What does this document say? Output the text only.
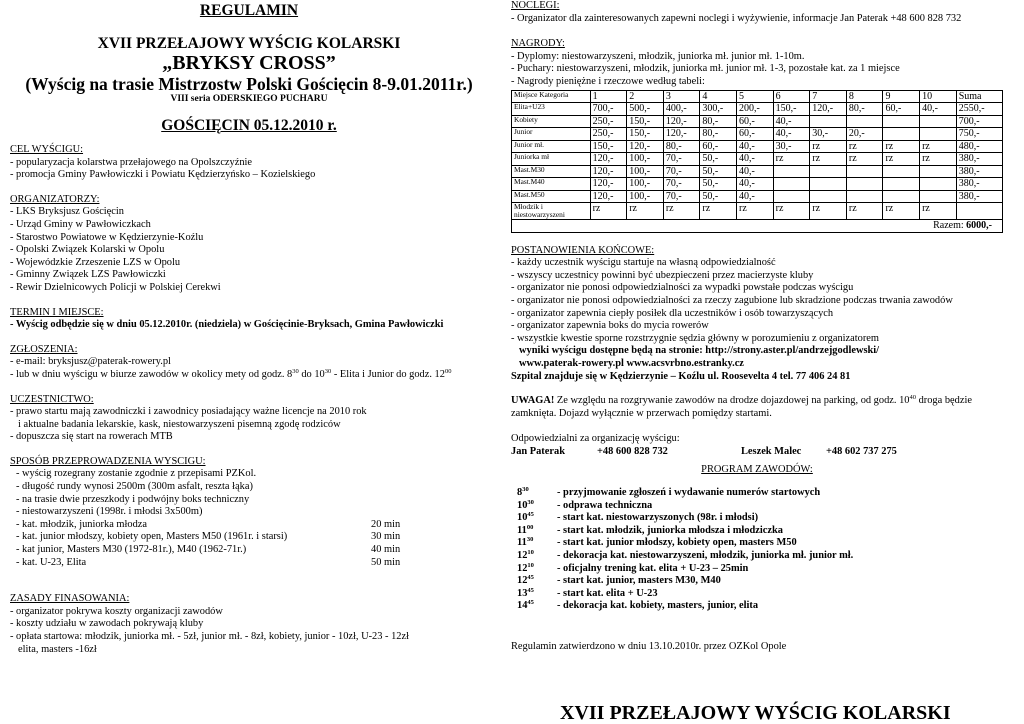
REGULAMIN
XVII PRZEŁAJOWY WYŚCIG KOLARSKI
„BRYKSY CROSS”
(Wyścig na trasie Mistrzostw Polski Gościęcin 8-9.01.2011r.)
VIII seria ODERSKIEGO PUCHARU
GOŚCIĘCIN 05.12.2010 r.
CEL WYŚCIGU:
- popularyzacja kolarstwa przełajowego na Opolszczyźnie
- promocja Gminy Pawłowiczki i Powiatu Kędzierzyńsko – Kozielskiego
ORGANIZATORZY:
- LKS Bryksjusz Gościęcin
- Urząd Gminy w Pawłowiczkach
- Starostwo Powiatowe w Kędzierzynie-Koźlu
- Opolski Związek Kolarski w Opolu
- Wojewódzkie Zrzeszenie LZS w Opolu
- Gminny Związek LZS Pawłowiczki
- Rewir Dzielnicowych Policji w Polskiej Cerekwi
TERMIN I MIEJSCE:
- Wyścig odbędzie się w dniu 05.12.2010r. (niedziela) w Gościęcinie-Bryksach, Gmina Pawłowiczki
ZGŁOSZENIA:
- e-mail: bryksjusz@paterak-rowery.pl
- lub w dniu wyścigu w biurze zawodów w okolicy mety od godz. $8^{30}$ do $10^{30}$ - Elita i Junior do godz. $12^{00}$
UCZESTNICTWO:
- prawo startu mają zawodniczki i zawodnicy posiadający ważne licencje na 2010 rok
i aktualne badania lekarskie, kask, niestowarzyszeni pisemną zgodę rodziców
- dopuszcza się start na rowerach MTB
SPOSÓB PRZEPROWADZENIA WYSCIGU:
- wyścig rozegrany zostanie zgodnie z przepisami PZKol.
- długość rundy wynosi 2500m (300m asfalt, reszta łąka)
- na trasie dwie przeszkody i podwójny boks techniczny
- niestowarzyszeni (1998r. i młodsi 3x500m)
- kat. młodzik, juniorka młodza	20 min
- kat. junior młodszy, kobiety open, Masters M50 (1961r. i starsi)	30 min
- kat junior, Masters M30 (1972-81r.), M40 (1962-71r.)	40 min
- kat. U-23, Elita	50 min
ZASADY FINASOWANIA:
- organizator pokrywa koszty organizacji zawodów
- koszty udziału w zawodach pokrywają kluby
- opłata startowa: młodzik, juniorka mł. - 5zł, junior mł. - 8zł, kobiety, junior - 10zł, U-23 - 12zł
elita, masters -16zł
NOCLEGI:
- Organizator dla zainteresowanych zapewni noclegi i wyżywienie, informacje Jan Paterak +48 600 828 732
NAGRODY:
- Dyplomy: niestowarzyszeni, młodzik, juniorka mł. junior mł. 1-10m.
- Puchary: niestowarzyszeni, młodzik, juniorka mł. junior mł. 1-3, pozostałe kat. za 1 miejsce
- Nagrody pieniężne i rzeczowe według tabeli:
Miejsce Kategoria	1	2	3	4	5	6	7	8	9	10	Suma
Elita+U23	700,-	500,-	400,-	300,-	200,-	150,-	120,-	80,-	60,-	40,-	2550,-
Kobiety	250,-	150,-	120,-	80,-	60,-	40,-					700,-
Junior	250,-	150,-	120,-	80,-	60,-	40,-	30,-	20,-			750,-
Junior mł.	150,-	120,-	80,-	60,-	40,-	30,-	rz	rz	rz	rz	480,-
Juniorka mł	120,-	100,-	70,-	50,-	40,-	rz	rz	rz	rz	rz	380,-
Mast.M30	120,-	100,-	70,-	50,-	40,-						380,-
Mast.M40	120,-	100,-	70,-	50,-	40,-						380,-
Mast.M50	120,-	100,-	70,-	50,-	40,-						380,-
Młodzik i niestowarzyszeni	rz	rz	rz	rz	rz	rz	rz	rz	rz	rz	
Razem: 6000,-											
POSTANOWIENIA KOŃCOWE:
- każdy uczestnik wyścigu startuje na własną odpowiedzialność
- wszyscy uczestnicy powinni być ubezpieczeni przez macierzyste kluby
- organizator nie ponosi odpowiedzialności za wypadki powstałe podczas wyścigu
- organizator nie ponosi odpowiedzialności za rzeczy zagubione lub skradzione podczas trwania zawodów
- organizator zapewnia ciepły posiłek dla uczestników i osób towarzyszących
- organizator zapewnia boks do mycia rowerów
- wszystkie kwestie sporne rozstrzygnie sędzia główny w porozumieniu z organizatorem
wyniki wyścigu dostępne będą na stronie: http://strony.aster.pl/andrzejgodlewski/
www.paterak-rowery.pl www.acsvrbno.estranky.cz
Szpital znajduje się w Kędzierzynie – Koźlu ul. Roosevelta 4 tel. 77 406 24 81
UWAGA! Ze względu na rozgrywanie zawodów na drodze dojazdowej na parking, od godz. $10^{40}$ droga będzie zamknięta. Dojazd wyłącznie w przerwach pomiędzy startami.
Odpowiedzialni za organizację wyścigu:
Jan Paterak	+48 600 828 732	Leszek Malec	+48 602 737 275
PROGRAM ZAWODÓW:
$8^{30}$	- przyjmowanie zgłoszeń i wydawanie numerów startowych
$10^{30}$	- odprawa techniczna
$10^{45}$	- start kat. niestowarzyszonych (98r. i młodsi)
$11^{00}$	- start kat. młodzik, juniorka młodsza i młodziczka
$11^{30}$	- start kat. junior młodszy, kobiety open, masters M50
$12^{10}$	- dekoracja kat. niestowarzyszeni, młodzik, juniorka mł. junior mł.
$12^{10}$	- oficjalny trening kat. elita + U-23 – 25min
$12^{45}$	- start kat. junior, masters M30, M40
$13^{45}$	- start kat. elita + U-23
$14^{45}$	- dekoracja kat. kobiety, masters, junior, elita
Regulamin zatwierdzono w dniu 13.10.2010r. przez OZKol Opole
XVII PRZEŁAJOWY WYŚCIG KOLARSKI
